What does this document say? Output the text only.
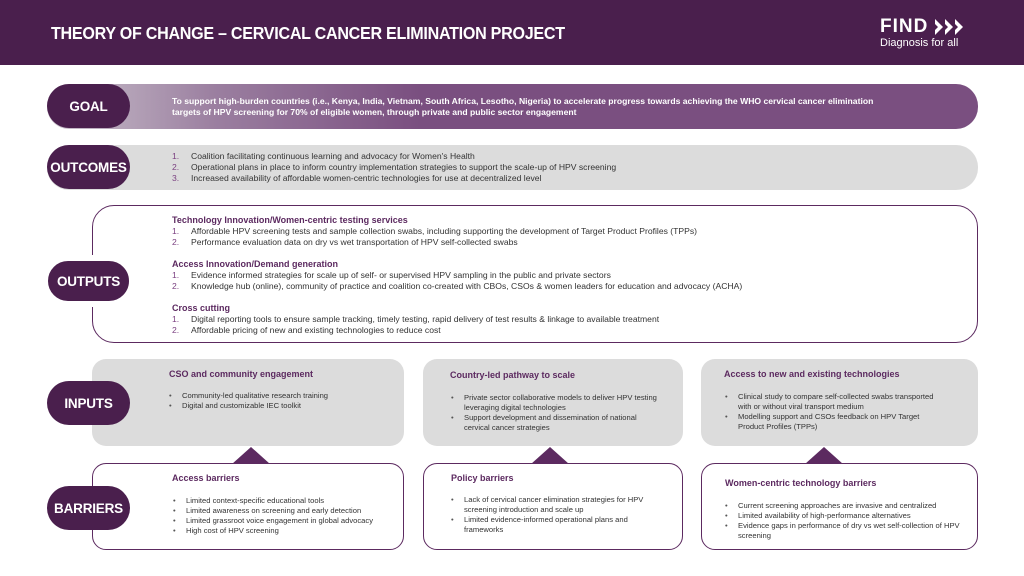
THEORY OF CHANGE – CERVICAL CANCER ELIMINATION PROJECT	FIND
Diagnosis for all
GOAL	To support high-burden countries (i.e., Kenya, India, Vietnam, South Africa, Lesotho, Nigeria) to accelerate progress towards achieving the WHO cervical cancer elimination targets of HPV screening for 70% of eligible women, through private and public sector engagement
OUTCOMES
1. Coalition facilitating continuous learning and advocacy for Women's Health
2. Operational plans in place to inform country implementation strategies to support the scale-up of HPV screening
3. Increased availability of affordable women-centric technologies for use at decentralized level
OUTPUTS
Technology Innovation/Women-centric testing services
1. Affordable HPV screening tests and sample collection swabs, including supporting the development of Target Product Profiles (TPPs)
2. Performance evaluation data on dry vs wet transportation of HPV self-collected swabs
Access Innovation/Demand generation
1. Evidence informed strategies for scale up of self- or supervised HPV sampling in the public and private sectors
2. Knowledge hub (online), community of practice and coalition co-created with CBOs, CSOs & women leaders for education and advocacy (ACHA)
Cross cutting
1. Digital reporting tools to ensure sample tracking, timely testing, rapid delivery of test results & linkage to available treatment
2. Affordable pricing of new and existing technologies to reduce cost
INPUTS
CSO and community engagement
• Community-led qualitative research training
• Digital and customizable IEC toolkit
Country-led pathway to scale
• Private sector collaborative models to deliver HPV testing leveraging digital technologies
• Support development and dissemination of national cervical cancer strategies
Access to new and existing technologies
• Clinical study to compare self-collected swabs transported with or without viral transport medium
• Modelling support and CSOs feedback on HPV Target Product Profiles (TPPs)
BARRIERS
Access barriers
• Limited context-specific educational tools
• Limited awareness on screening and early detection
• Limited grassroot voice engagement in global advocacy
• High cost of HPV screening
Policy barriers
• Lack of cervical cancer elimination strategies for HPV screening introduction and scale up
• Limited evidence-informed operational plans and frameworks
Women-centric technology barriers
• Current screening approaches are invasive and centralized
• Limited availability of high-performance alternatives
• Evidence gaps in performance of dry vs wet self-collection of HPV screening
